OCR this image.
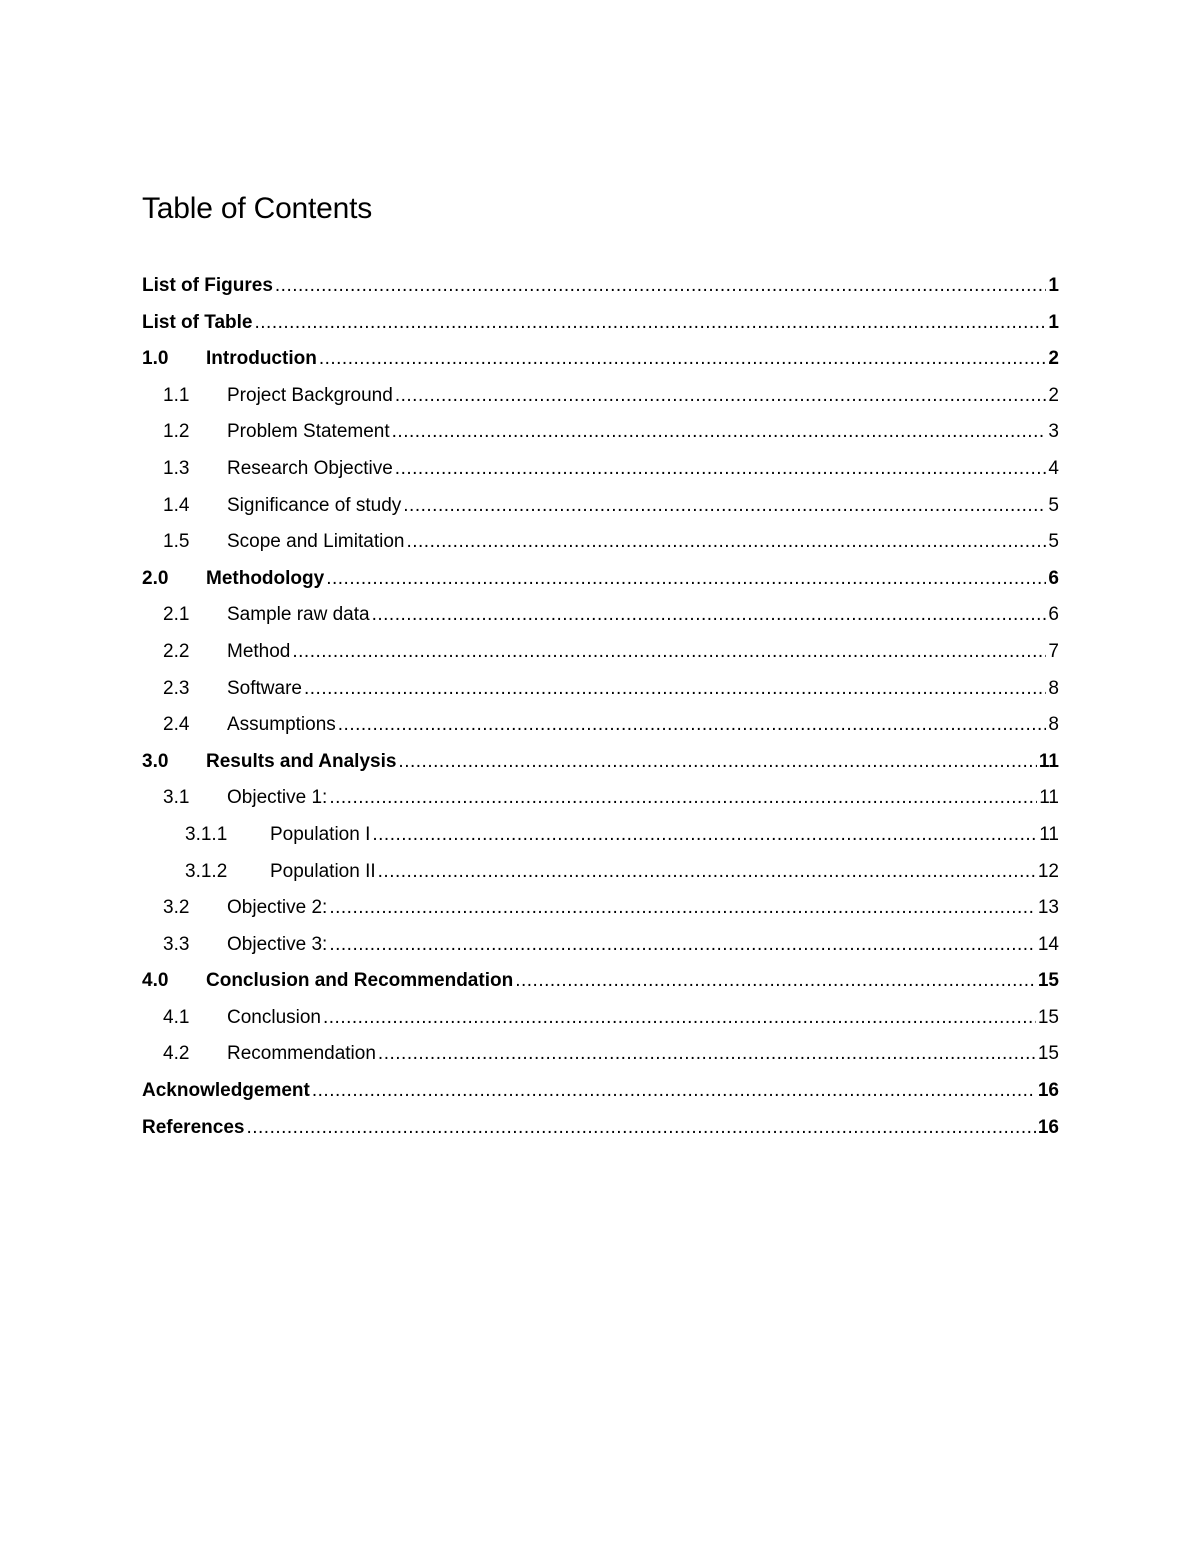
Table of Contents
List of Figures .....	1
List of Table .....	1
1.0	Introduction .....	2
1.1	Project Background .....	2
1.2	Problem Statement .....	3
1.3	Research Objective .....	4
1.4	Significance of study .....	5
1.5	Scope and Limitation .....	5
2.0	Methodology .....	6
2.1	Sample raw data .....	6
2.2	Method .....	7
2.3	Software .....	8
2.4	Assumptions .....	8
3.0	Results and Analysis .....	11
3.1	Objective 1: .....	11
3.1.1	Population I .....	11
3.1.2	Population II .....	12
3.2	Objective 2: .....	13
3.3	Objective 3: .....	14
4.0	Conclusion and Recommendation .....	15
4.1	Conclusion .....	15
4.2	Recommendation .....	15
Acknowledgement .....	16
References .....	16
